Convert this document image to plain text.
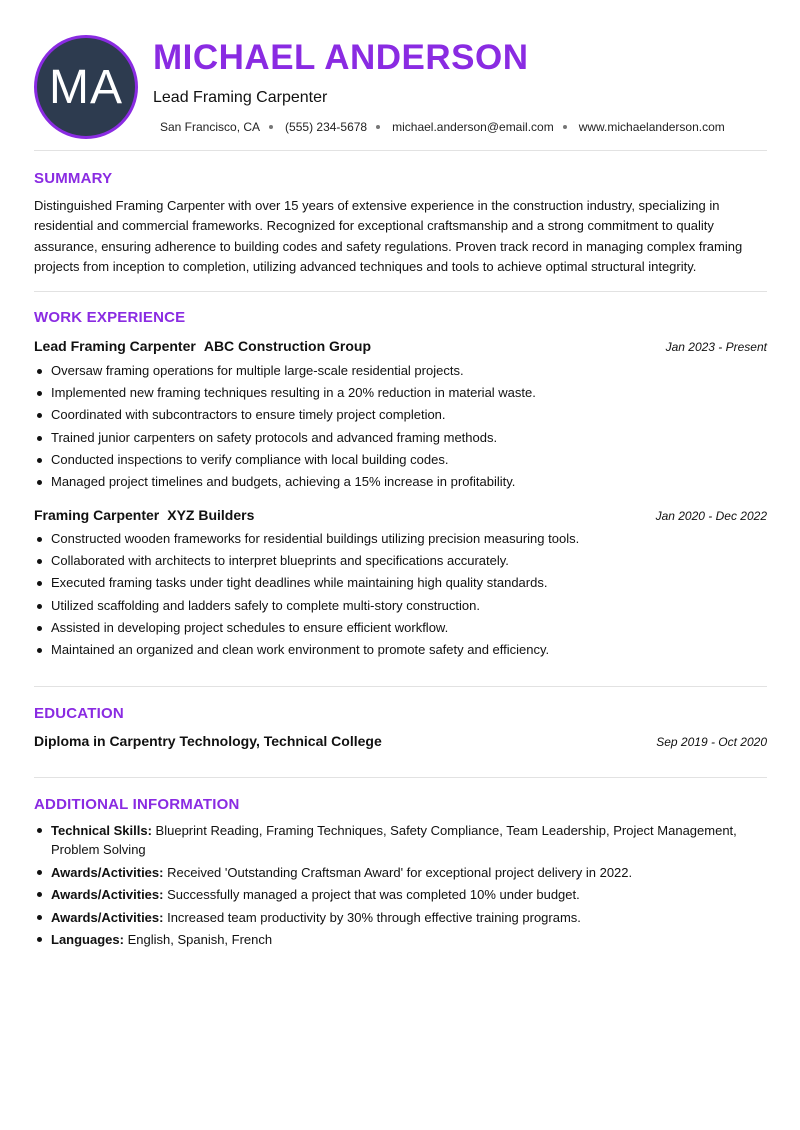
MA
MICHAEL ANDERSON
Lead Framing Carpenter
San Francisco, CA (555) 234-5678 michael.anderson@email.com www.michaelanderson.com
SUMMARY

Distinguished Framing Carpenter with over 15 years of extensive experience in the construction industry, specializing in residential and commercial frameworks. Recognized for exceptional craftsmanship and a strong commitment to quality assurance, ensuring adherence to building codes and safety regulations. Proven track record in managing complex framing projects from inception to completion, utilizing advanced techniques and tools to achieve optimal structural integrity.

WORK EXPERIENCE
Lead Framing Carpenter ABC Construction Group	Jan 2023 - Present
Oversaw framing operations for multiple large-scale residential projects.
Implemented new framing techniques resulting in a 20% reduction in material waste.
Coordinated with subcontractors to ensure timely project completion.
Trained junior carpenters on safety protocols and advanced framing methods.
Conducted inspections to verify compliance with local building codes.
Managed project timelines and budgets, achieving a 15% increase in profitability.
Framing Carpenter XYZ Builders	Jan 2020 - Dec 2022
Constructed wooden frameworks for residential buildings utilizing precision measuring tools.
Collaborated with architects to interpret blueprints and specifications accurately.
Executed framing tasks under tight deadlines while maintaining high quality standards.
Utilized scaffolding and ladders safely to complete multi-story construction.
Assisted in developing project schedules to ensure efficient workflow.
Maintained an organized and clean work environment to promote safety and efficiency.
EDUCATION
Diploma in Carpentry Technology, Technical College	Sep 2019 - Oct 2020
ADDITIONAL INFORMATION
Technical Skills: Blueprint Reading, Framing Techniques, Safety Compliance, Team Leadership, Project Management, Problem Solving
Awards/Activities: Received 'Outstanding Craftsman Award' for exceptional project delivery in 2022.
Awards/Activities: Successfully managed a project that was completed 10% under budget.
Awards/Activities: Increased team productivity by 30% through effective training programs.
Languages: English, Spanish, French
